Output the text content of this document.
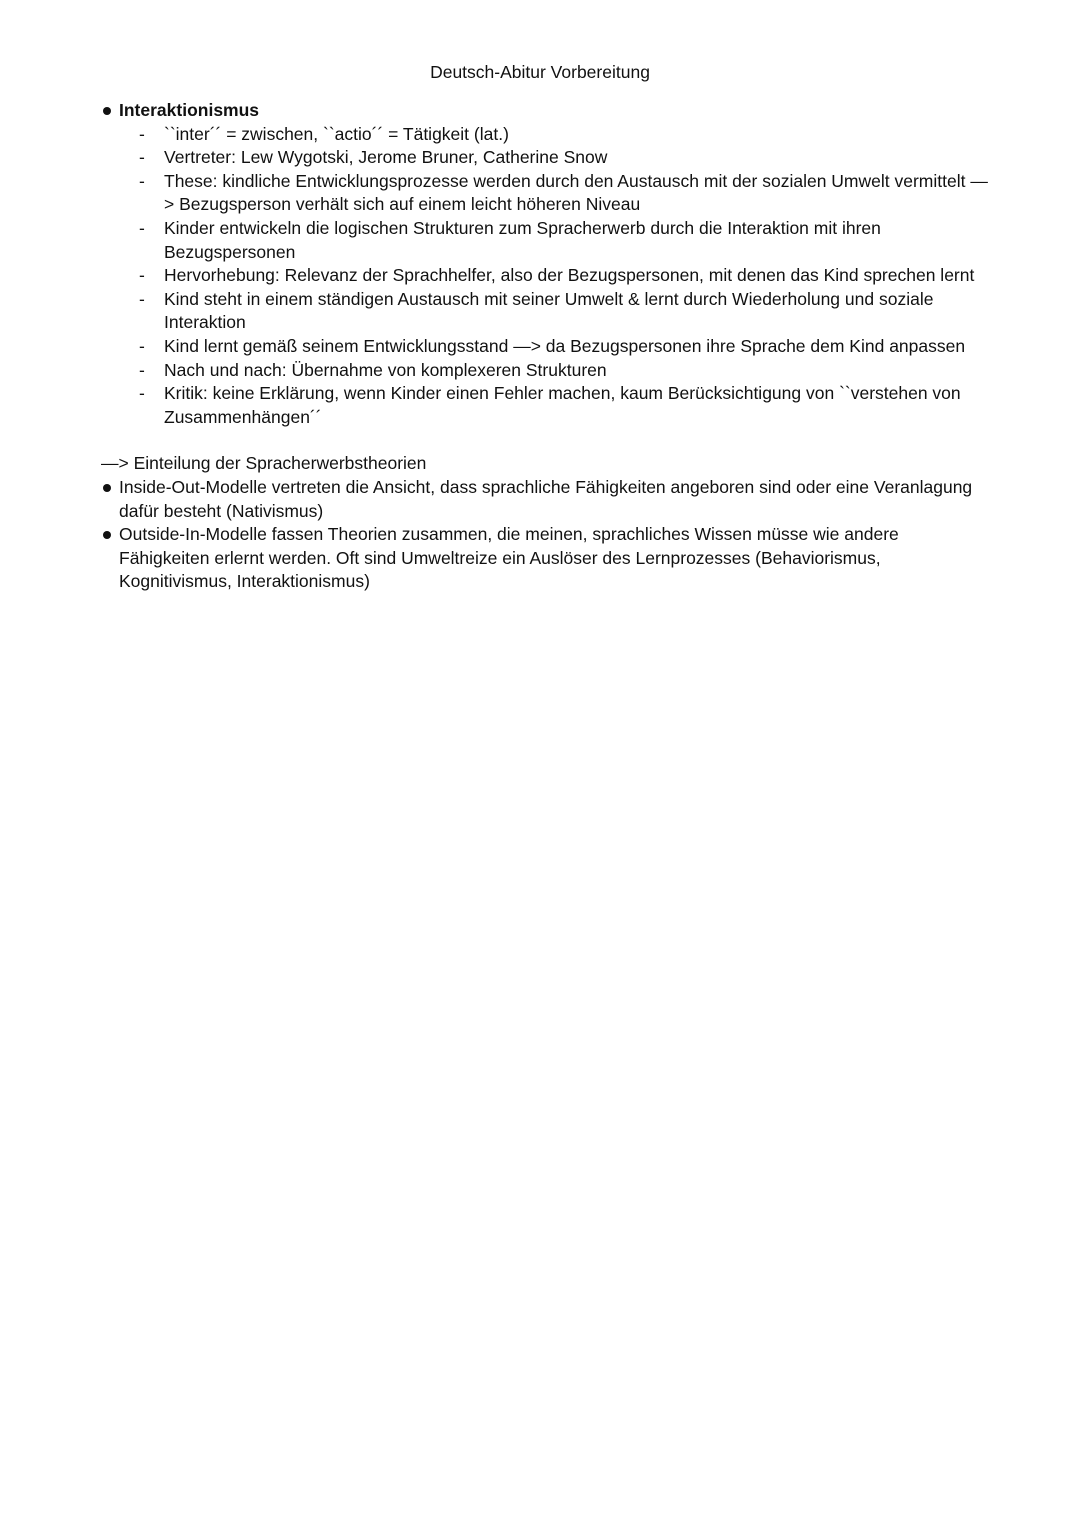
Deutsch-Abitur Vorbereitung
Interaktionismus
- ``inter´´ = zwischen, ``actio´´ = Tätigkeit (lat.)
- Vertreter: Lew Wygotski, Jerome Bruner, Catherine Snow
- These: kindliche Entwicklungsprozesse werden durch den Austausch mit der sozialen Umwelt vermittelt —> Bezugsperson verhält sich auf einem leicht höheren Niveau
- Kinder entwickeln die logischen Strukturen zum Spracherwerb durch die Interaktion mit ihren Bezugspersonen
- Hervorhebung: Relevanz der Sprachhelfer, also der Bezugspersonen, mit denen das Kind sprechen lernt
- Kind steht in einem ständigen Austausch mit seiner Umwelt & lernt durch Wiederholung und soziale Interaktion
- Kind lernt gemäß seinem Entwicklungsstand —> da Bezugspersonen ihre Sprache dem Kind anpassen
- Nach und nach: Übernahme von komplexeren Strukturen
- Kritik: keine Erklärung, wenn Kinder einen Fehler machen, kaum Berücksichtigung von ``verstehen von Zusammenhängen´´
—> Einteilung der Spracherwerbstheorien
Inside-Out-Modelle vertreten die Ansicht, dass sprachliche Fähigkeiten angeboren sind oder eine Veranlagung dafür besteht (Nativismus)
Outside-In-Modelle fassen Theorien zusammen, die meinen, sprachliches Wissen müsse wie andere Fähigkeiten erlernt werden. Oft sind Umweltreize ein Auslöser des Lernprozesses (Behaviorismus, Kognitivismus, Interaktionismus)
